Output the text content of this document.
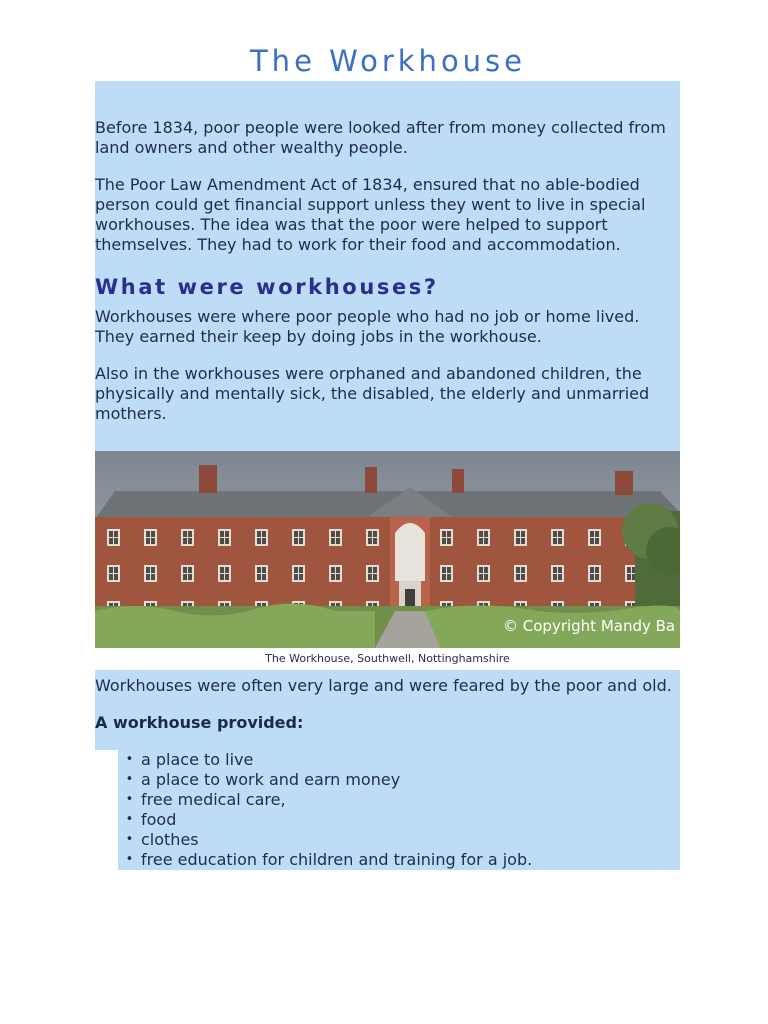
The Workhouse

Before 1834, poor people were looked after from money collected from land owners and other wealthy people.

The Poor Law Amendment Act of 1834, ensured that no able-bodied person could get financial support unless they went to live in special workhouses. The idea was that the poor were helped to support themselves. They had to work for their food and accommodation.

What were workhouses?

Workhouses were where poor people who had no job or home lived. They earned their keep by doing jobs in the workhouse.

Also in the workhouses were orphaned and abandoned children, the physically and mentally sick, the disabled, the elderly and unmarried mothers.

© Copyright Mandy Ba
The Workhouse, Southwell, Nottinghamshire

Workhouses were often very large and were feared by the poor and old.

A workhouse provided:

• a place to live
• a place to work and earn money
• free medical care,
• food
• clothes
• free education for children and training for a job.
